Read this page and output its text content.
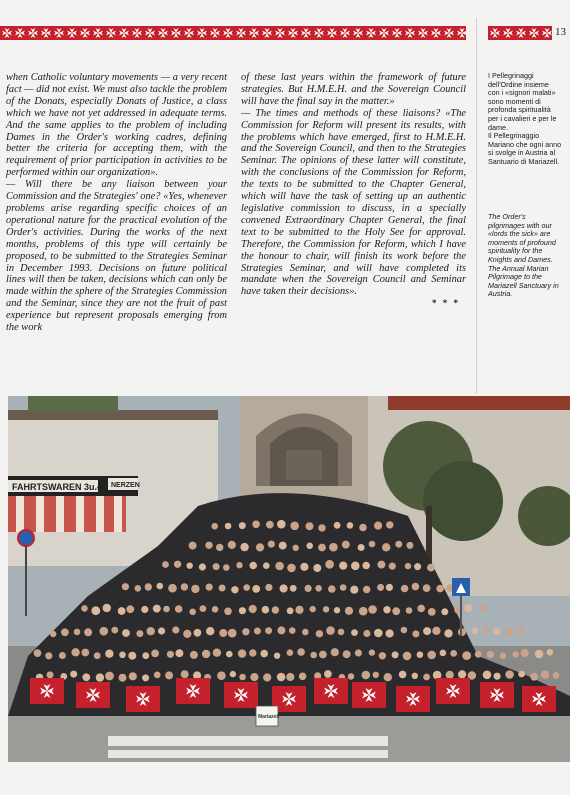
13

when Catholic voluntary movements — a very recent fact — did not exist. We must also tackle the problem of the Donats, especially Donats of Justice, a class which we have not yet addressed in adequate terms. And the same applies to the problem of including Dames in the Order's working cadres, defining better the criteria for accepting them, with the requirement of prior participation in activities to be performed within our organization».

— Will there be any liaison between your Commission and the Strategies' one? «Yes, whenever problems arise regarding specific choices of an operational nature for the practical evolution of the Order's activities. During the works of the next months, problems of this type will certainly be proposed, to be submitted to the Strategies Seminar in December 1993. Decisions on future political lines will then be taken, decisions which can only be made within the sphere of the Strategies Commission and the Seminar, since they are not the fruit of past experience but represent proposals emerging from the work

of these last years within the framework of future strategies. But H.M.E.H. and the Sovereign Council will have the final say in the matter.»

— The times and methods of these liaisons? «The Commission for Reform will present its results, with the problems which have emerged, first to H.M.E.H. and the Sovereign Council, and then to the Strategies Seminar. The opinions of these latter will constitute, with the conclusions of the Commission for Reform, the texts to be submitted to the Chapter General, which will have the task of setting up an authentic legislative commission to discuss, in a specially convened Extraordinary Chapter General, the final text to be submitted to the Holy See for approval. Therefore, the Commission for Reform, which I have the honour to chair, will finish its work before the Strategies Seminar, and will have completed its mandate when the Sovereign Council and Seminar have taken their decisions».

* * *

I Pellegrinaggi dell'Ordine insieme con i «signori malati» sono momenti di profonda spiritualità per i cavalieri e per le dame.

Il Pellegrinaggio Mariano che ogni anno si svolge in Austria al Santuario di Mariazell.

The Order's pilgrimages with our «lords the sick» are moments of profound spirituality for the Knights and Dames.

The Annual Marian Pilgrimage to the Mariazell Sanctuary in Austria.

FAHRTSWAREN 3u.4 NERZEN
Mariazell
